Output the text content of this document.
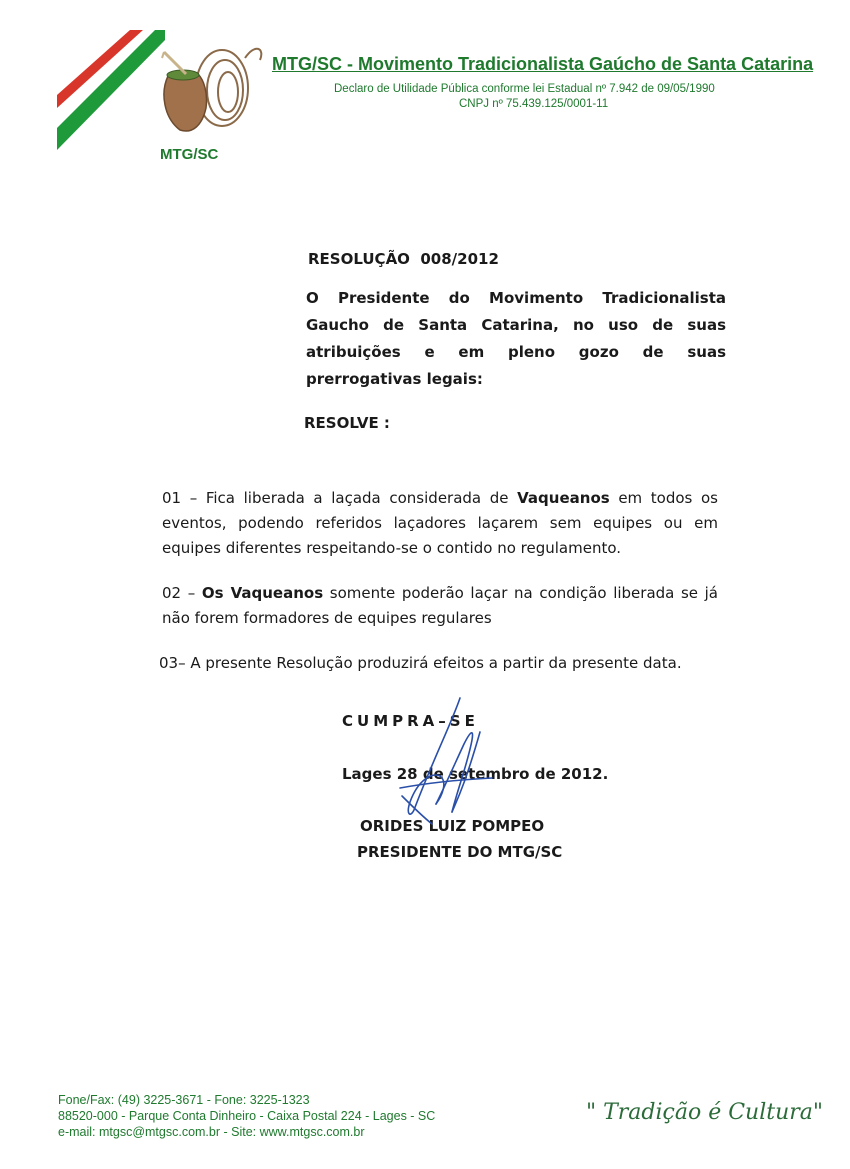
MTG/SC
MTG/SC - Movimento Tradicionalista Gaúcho de Santa Catarina
Declaro de Utilidade Pública conforme lei Estadual nº 7.942 de 09/05/1990
CNPJ nº 75.439.125/0001-11
RESOLUÇÃO  008/2012
O Presidente do Movimento Tradicionalista Gaucho de Santa Catarina, no uso de suas atribuições e em pleno gozo de suas prerrogativas legais:
RESOLVE :
01 – Fica liberada a laçada considerada de Vaqueanos em todos os eventos, podendo referidos laçadores laçarem sem equipes ou em equipes diferentes respeitando-se o contido no regulamento.
02 – Os Vaqueanos somente poderão laçar na condição liberada se já não forem formadores de equipes regulares
03– A presente Resolução produzirá efeitos a partir da presente data.
CUMPRA–SE
Lages 28 de setembro de 2012.
ORIDES LUIZ POMPEO
PRESIDENTE DO MTG/SC
Fone/Fax: (49) 3225-3671 - Fone: 3225-1323
88520-000 - Parque Conta Dinheiro - Caixa Postal 224 - Lages - SC
e-mail: mtgsc@mtgsc.com.br - Site: www.mtgsc.com.br
" Tradição é Cultura"
